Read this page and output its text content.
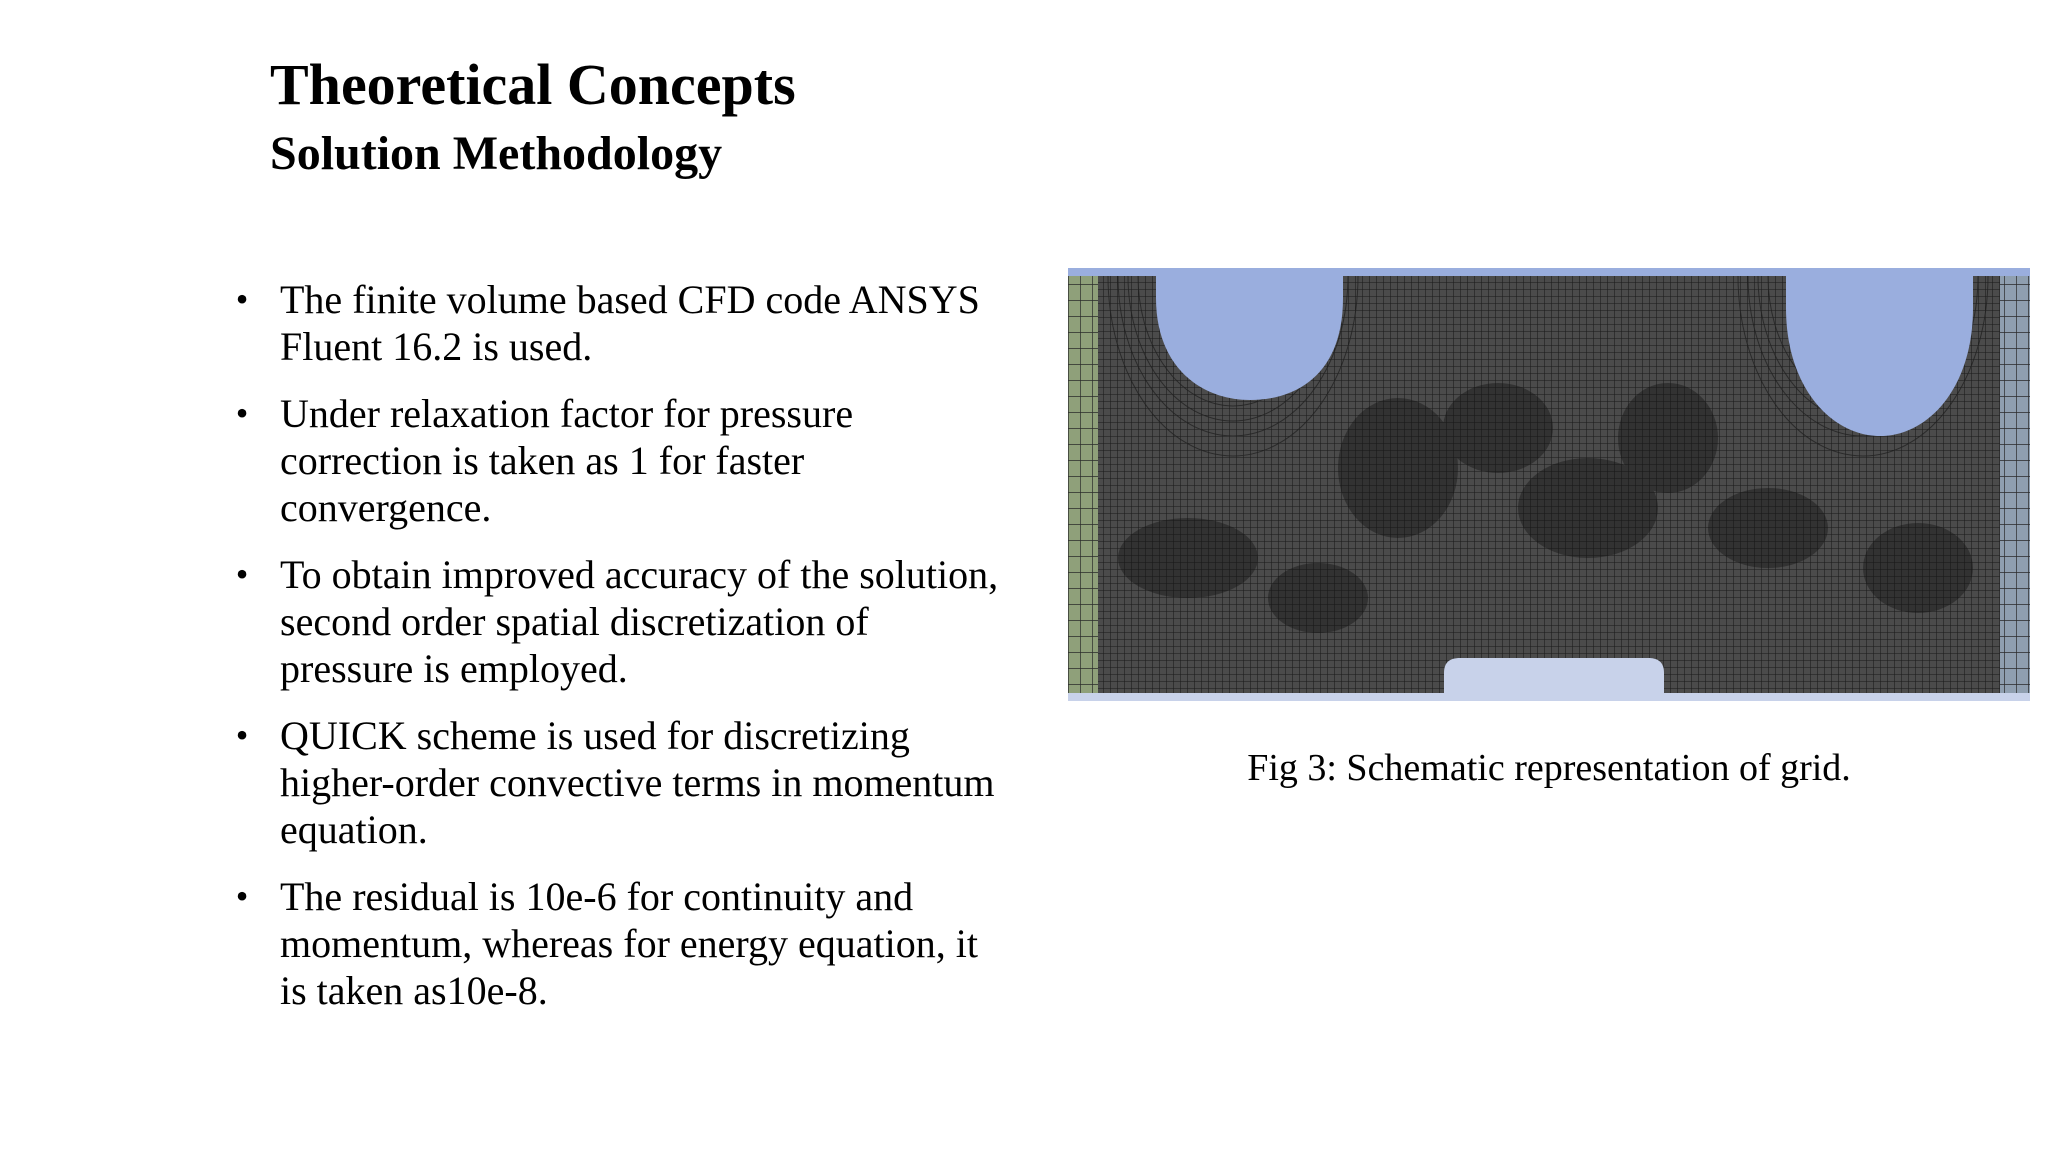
Theoretical Concepts
Solution Methodology
• The finite volume based CFD code ANSYS
Fluent 16.2 is used.
• Under relaxation factor for pressure
correction is taken as 1 for faster
convergence.
• To obtain improved accuracy of the solution,
second order spatial discretization of
pressure is employed.
• QUICK scheme is used for discretizing
higher-order convective terms in momentum
equation.
• The residual is 10e-6 for continuity and
momentum, whereas for energy equation, it
is taken as10e-8.
Fig 3: Schematic representation of grid.
